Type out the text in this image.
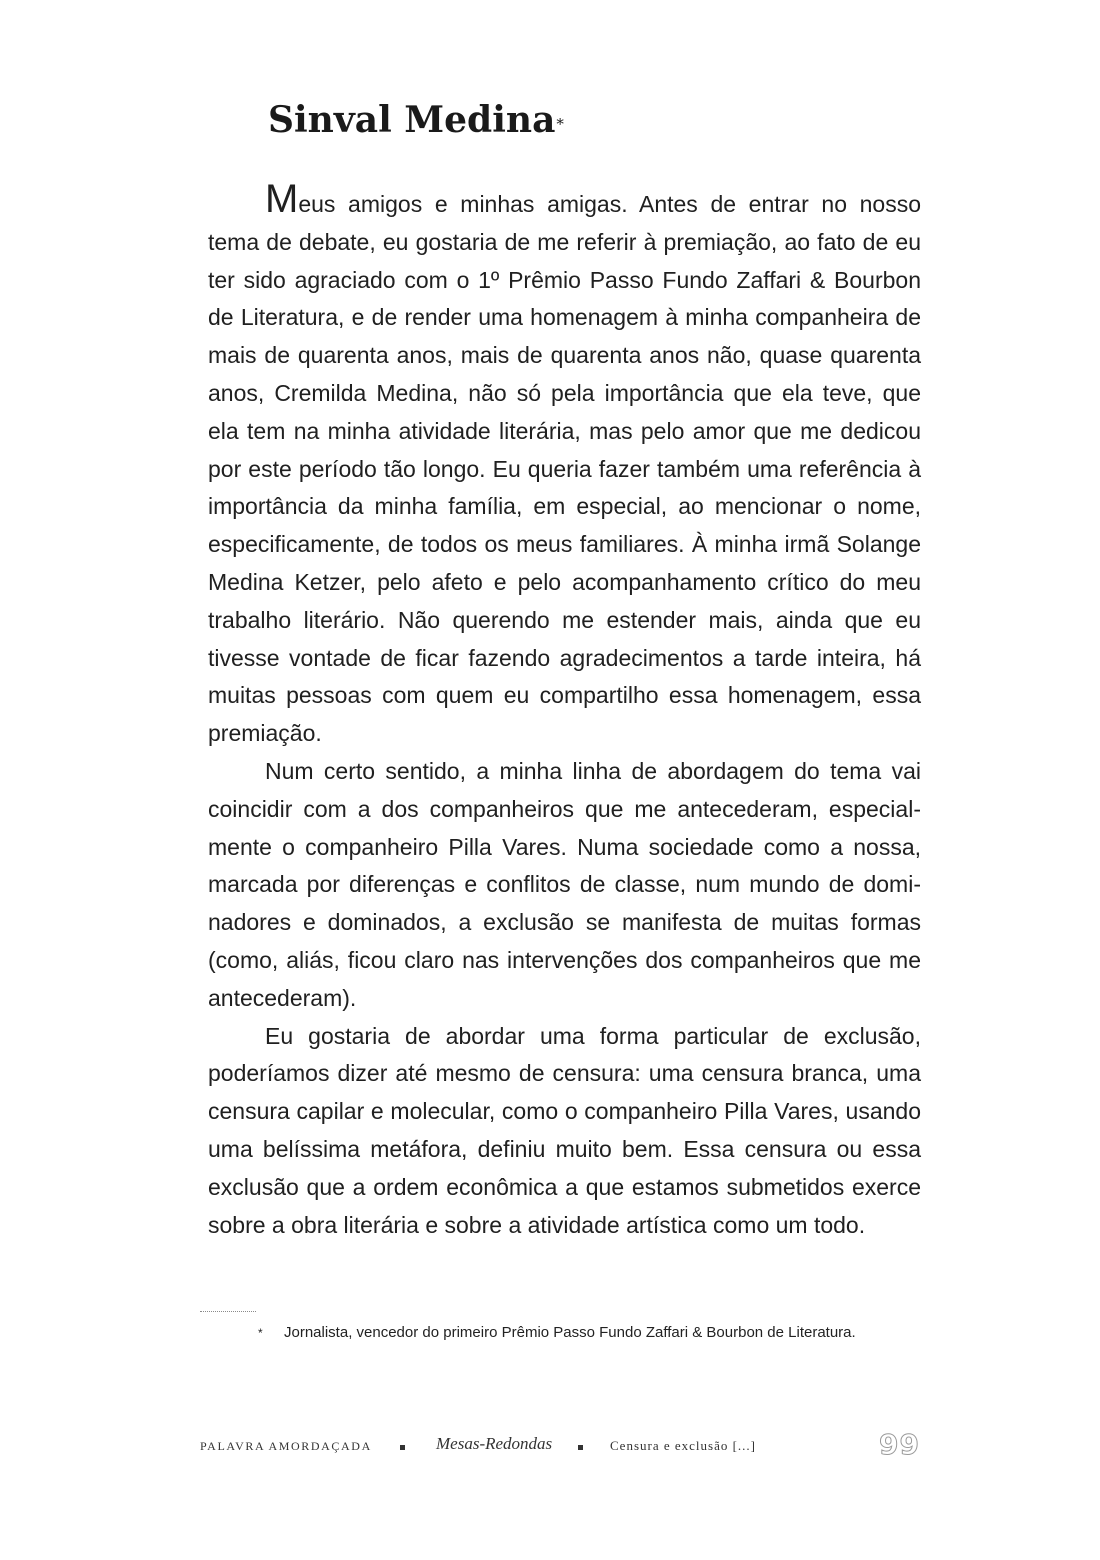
Sinval Medina*

Meus amigos e minhas amigas. Antes de entrar no nosso tema de debate, eu gostaria de me referir à premiação, ao fato de eu ter sido agraciado com o 1º Prêmio Passo Fundo Zaffari & Bourbon de Literatura, e de render uma homenagem à minha companheira de mais de quarenta anos, mais de quarenta anos não, quase quarenta anos, Cremilda Medina, não só pela importância que ela teve, que ela tem na minha atividade literária, mas pelo amor que me dedicou por este período tão longo. Eu queria fazer também uma referência à importância da minha família, em especial, ao mencionar o nome, especificamente, de todos os meus familiares. À minha irmã Solange Medina Ketzer, pelo afeto e pelo acompanhamento crítico do meu trabalho literário. Não querendo me estender mais, ainda que eu tivesse vontade de ficar fazendo agradecimentos a tarde inteira, há muitas pessoas com quem eu compartilho essa homenagem, essa premiação.

Num certo sentido, a minha linha de abordagem do tema vai coincidir com a dos companheiros que me antecederam, especialmente o companheiro Pilla Vares. Numa sociedade como a nossa, marcada por diferenças e conflitos de classe, num mundo de dominadores e dominados, a exclusão se manifesta de muitas formas (como, aliás, ficou claro nas intervenções dos companheiros que me antecederam).

Eu gostaria de abordar uma forma particular de exclusão, poderíamos dizer até mesmo de censura: uma censura branca, uma censura capilar e molecular, como o companheiro Pilla Vares, usando uma belíssima metáfora, definiu muito bem. Essa censura ou essa exclusão que a ordem econômica a que estamos submetidos exerce sobre a obra literária e sobre a atividade artística como um todo.

* Jornalista, vencedor do primeiro Prêmio Passo Fundo Zaffari & Bourbon de Literatura.
PALAVRA AMORDAÇADA	Mesas-Redondas	Censura e exclusão [...]	99
